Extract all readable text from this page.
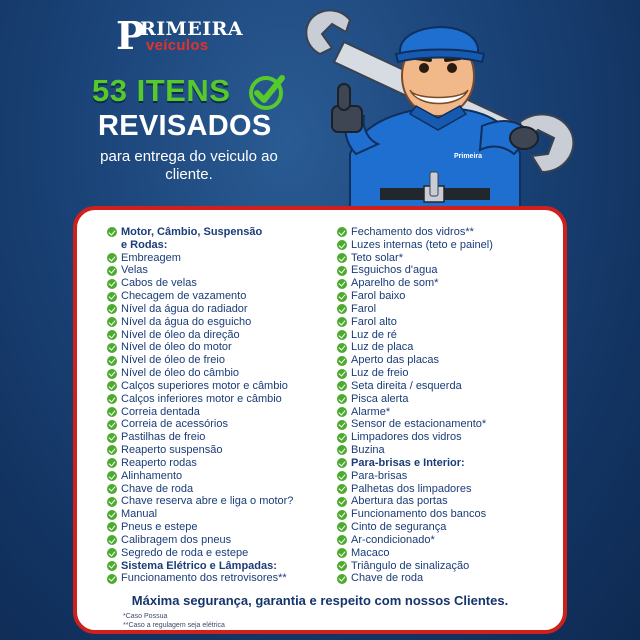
P
RIMEIRA
veículos
53 ITENS
REVISADOS
para entrega do veiculo ao cliente.
Primeira
Motor, Câmbio, Suspensão
e Rodas:
Embreagem
Velas
Cabos de velas
Checagem de vazamento
Nível da água do radiador
Nível da água do esguicho
Nível de óleo da direção
Nível de óleo do motor
Nível de óleo de freio
Nível de óleo do câmbio
Calços superiores motor e câmbio
Calços inferiores motor e câmbio
Correia dentada
Correia de acessórios
Pastilhas de freio
Reaperto suspensão
Reaperto rodas
Alinhamento
Chave de roda
Chave reserva abre e liga o motor?
Manual
Pneus e estepe
Calibragem dos pneus
Segredo de roda e estepe
Sistema Elétrico e Lâmpadas:
Funcionamento dos retrovisores**
Fechamento dos vidros**
Luzes internas (teto e painel)
Teto solar*
Esguichos d'agua
Aparelho de som*
Farol baixo
Farol
Farol alto
Luz de ré
Luz de placa
Aperto das placas
Luz de freio
Seta direita / esquerda
Pisca alerta
Alarme*
Sensor de estacionamento*
Limpadores dos vidros
Buzina
Para-brisas e Interior:
Para-brisas
Palhetas dos limpadores
Abertura das portas
Funcionamento dos bancos
Cinto de segurança
Ar-condicionado*
Macaco
Triângulo de sinalização
Chave de roda
Máxima segurança, garantia e respeito com nossos Clientes.
*Caso Possua
**Caso a regulagem seja elétrica
